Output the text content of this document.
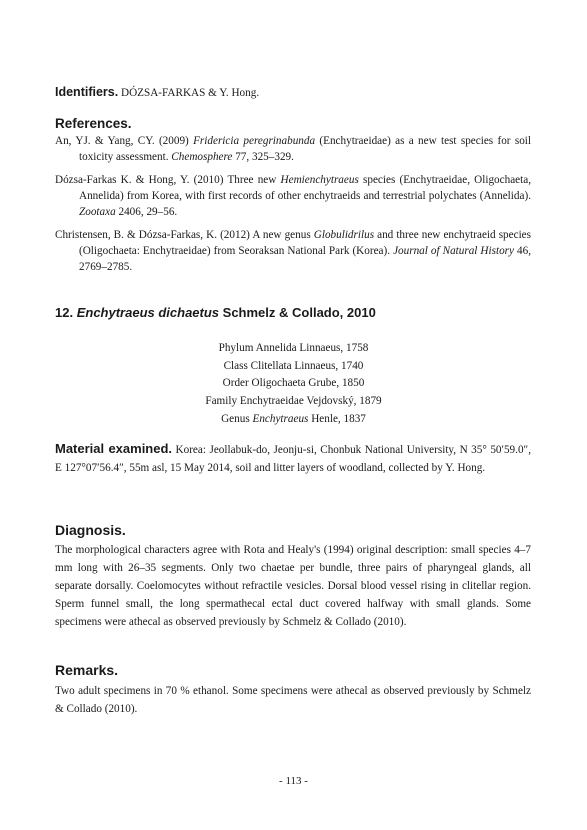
Identifiers. DÓZSA-FARKAS & Y. Hong.
References.
An, YJ. & Yang, CY. (2009) Fridericia peregrinabunda (Enchytraeidae) as a new test species for soil toxicity assessment. Chemosphere 77, 325–329.
Dózsa-Farkas K. & Hong, Y. (2010) Three new Hemienchytraeus species (Enchytraeidae, Oligochaeta, Annelida) from Korea, with first records of other enchytraeids and terrestrial polychates (Annelida). Zootaxa 2406, 29–56.
Christensen, B. & Dózsa-Farkas, K. (2012) A new genus Globulidrilus and three new enchytraeid species (Oligochaeta: Enchytraeidae) from Seoraksan National Park (Korea). Journal of Natural History 46, 2769–2785.
12. Enchytraeus dichaetus Schmelz & Collado, 2010
Phylum Annelida Linnaeus, 1758
Class Clitellata Linnaeus, 1740
Order Oligochaeta Grube, 1850
Family Enchytraeidae Vejdovský, 1879
Genus Enchytraeus Henle, 1837
Material examined. Korea: Jeollabuk-do, Jeonju-si, Chonbuk National University, N 35° 50′59.0″, E 127°07′56.4″, 55m asl, 15 May 2014, soil and litter layers of woodland, collected by Y. Hong.
Diagnosis.
The morphological characters agree with Rota and Healy's (1994) original description: small species 4–7 mm long with 26–35 segments. Only two chaetae per bundle, three pairs of pharyngeal glands, all separate dorsally. Coelomocytes without refractile vesicles. Dorsal blood vessel rising in clitellar region. Sperm funnel small, the long spermathecal ectal duct covered halfway with small glands. Some specimens were athecal as observed previously by Schmelz & Collado (2010).
Remarks.
Two adult specimens in 70 % ethanol. Some specimens were athecal as observed previously by Schmelz & Collado (2010).
- 113 -
